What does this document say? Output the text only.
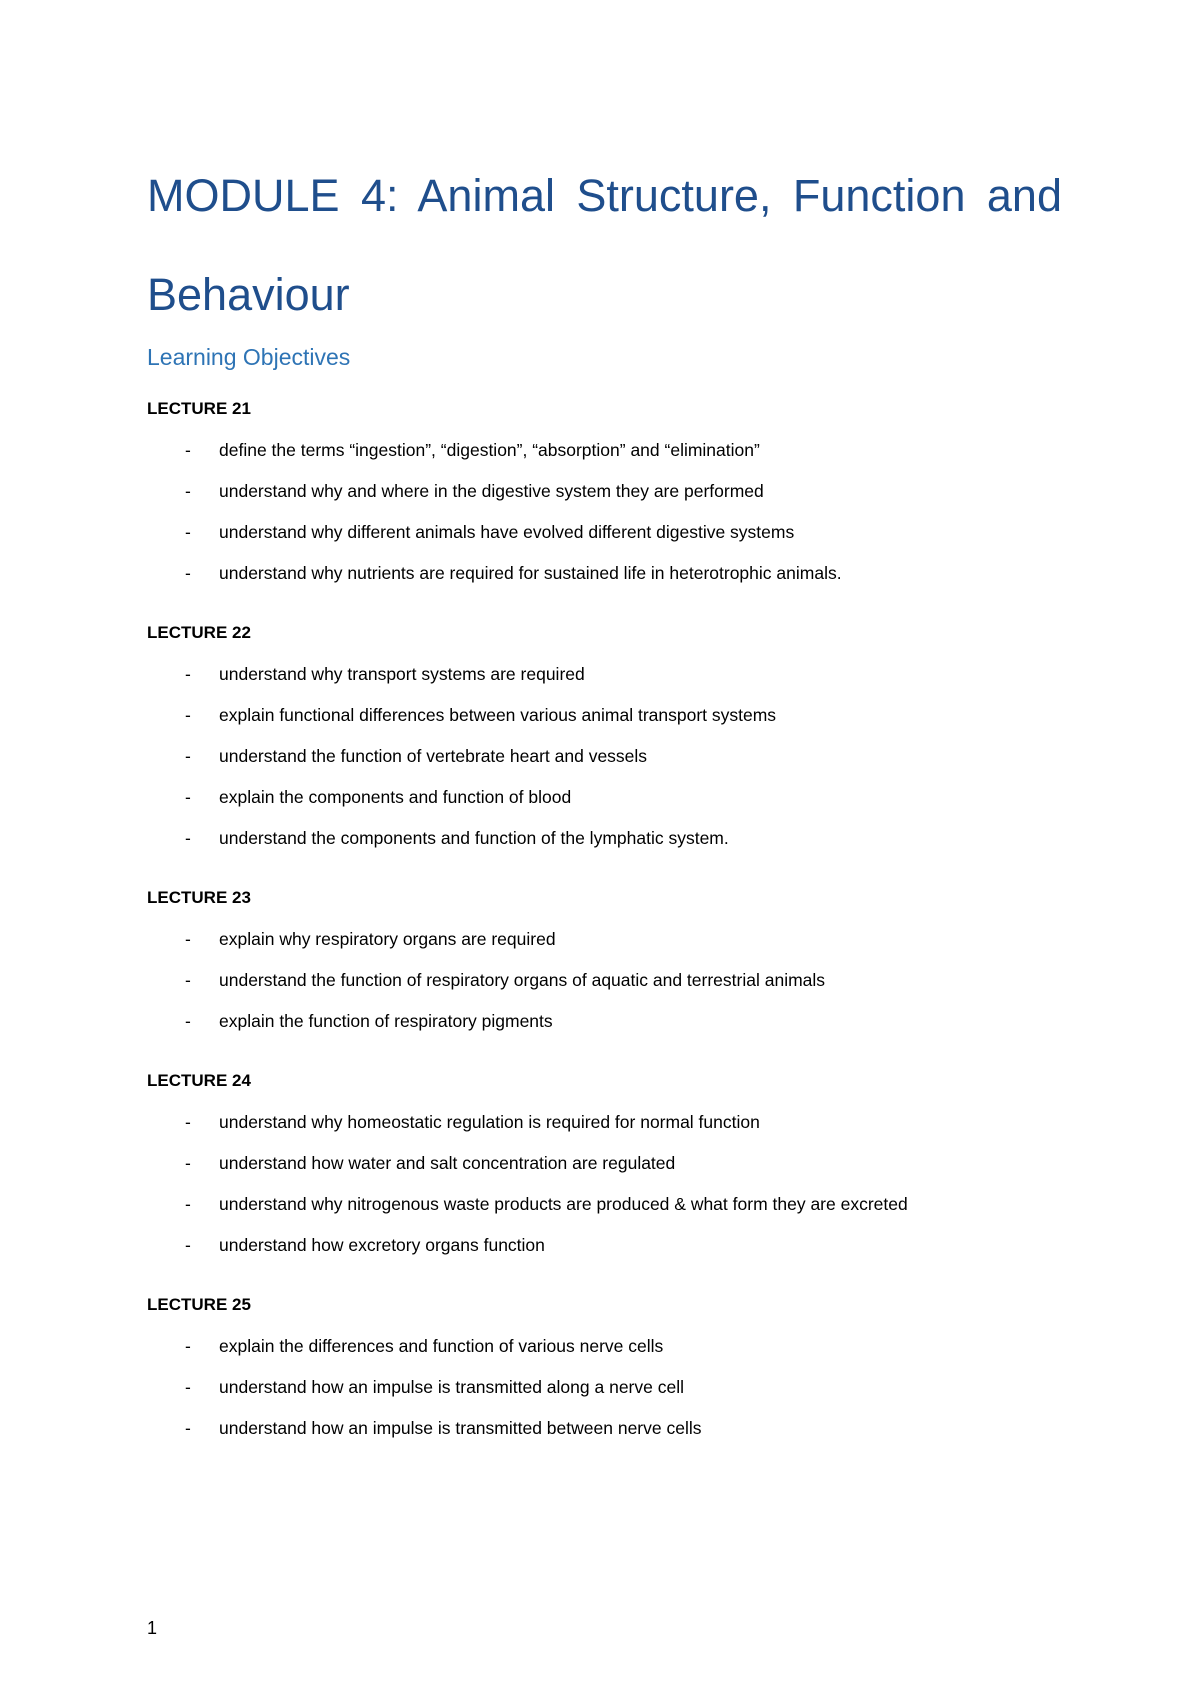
MODULE 4: Animal Structure, Function and Behaviour
Learning Objectives
LECTURE 21
- define the terms “ingestion”, “digestion”, “absorption” and “elimination”
- understand why and where in the digestive system they are performed
- understand why different animals have evolved different digestive systems
- understand why nutrients are required for sustained life in heterotrophic animals.
LECTURE 22
- understand why transport systems are required
- explain functional differences between various animal transport systems
- understand the function of vertebrate heart and vessels
- explain the components and function of blood
- understand the components and function of the lymphatic system.
LECTURE 23
- explain why respiratory organs are required
- understand the function of respiratory organs of aquatic and terrestrial animals
- explain the function of respiratory pigments
LECTURE 24
- understand why homeostatic regulation is required for normal function
- understand how water and salt concentration are regulated
- understand why nitrogenous waste products are produced & what form they are excreted
- understand how excretory organs function
LECTURE 25
- explain the differences and function of various nerve cells
- understand how an impulse is transmitted along a nerve cell
- understand how an impulse is transmitted between nerve cells
1
